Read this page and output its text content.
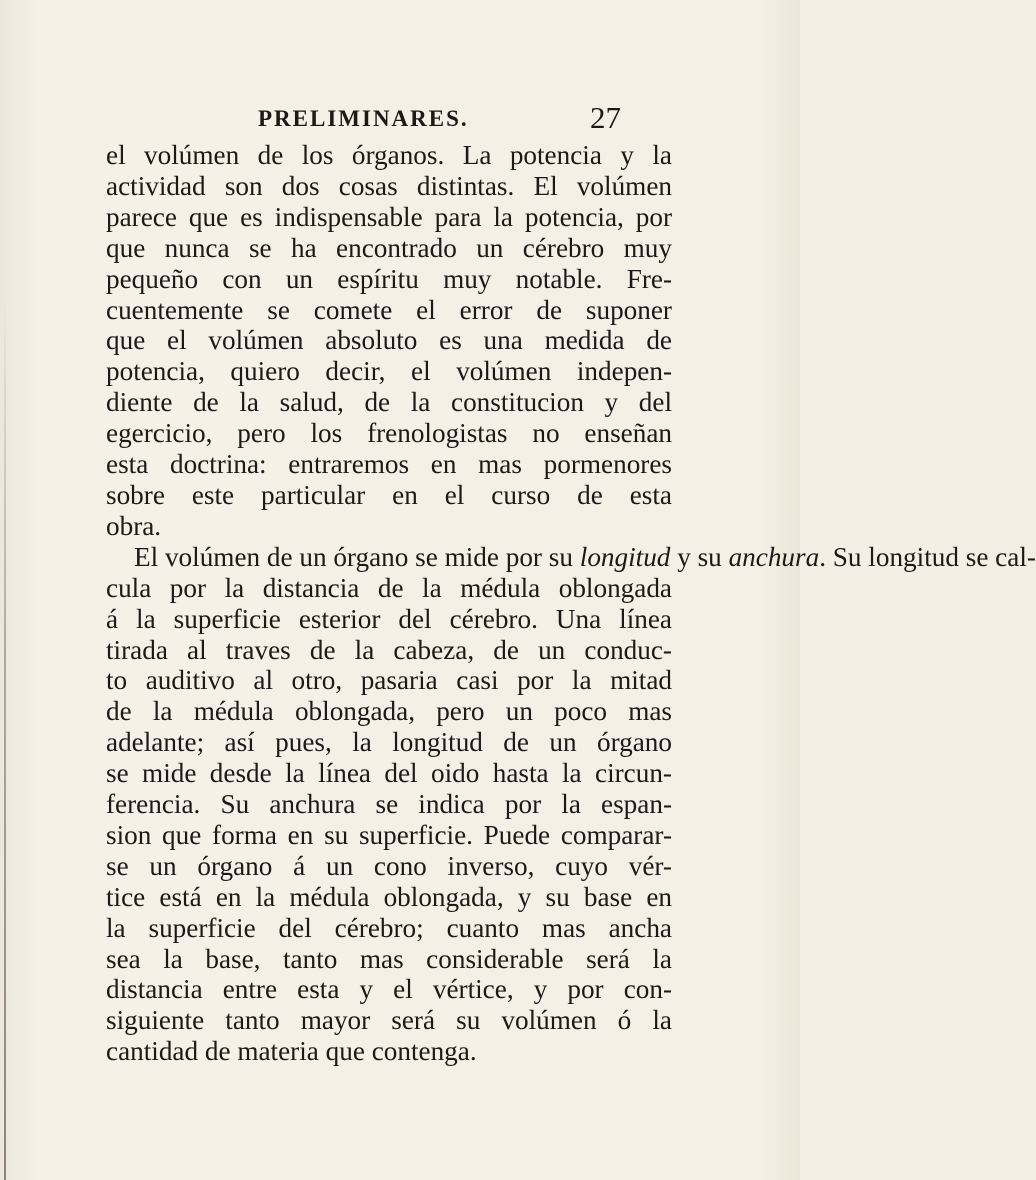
PRELIMINARES.	27
el volúmen de los órganos. La potencia y la
actividad son dos cosas distintas. El volúmen
parece que es indispensable para la potencia, por
que nunca se ha encontrado un cérebro muy
pequeño con un espíritu muy notable. Fre-
cuentemente se comete el error de suponer
que el volúmen absoluto es una medida de
potencia, quiero decir, el volúmen indepen-
diente de la salud, de la constitucion y del
egercicio, pero los frenologistas no enseñan
esta doctrina: entraremos en mas pormenores
sobre este particular en el curso de esta
obra.
El volúmen de un órgano se mide por su longitud y su anchura. Su longitud se cal-
cula por la distancia de la médula oblongada
á la superficie esterior del cérebro. Una línea
tirada al traves de la cabeza, de un conduc-
to auditivo al otro, pasaria casi por la mitad
de la médula oblongada, pero un poco mas
adelante; así pues, la longitud de un órgano
se mide desde la línea del oido hasta la circun-
ferencia. Su anchura se indica por la espan-
sion que forma en su superficie. Puede comparar-
se un órgano á un cono inverso, cuyo vér-
tice está en la médula oblongada, y su base en
la superficie del cérebro; cuanto mas ancha
sea la base, tanto mas considerable será la
distancia entre esta y el vértice, y por con-
siguiente tanto mayor será su volúmen ó la
cantidad de materia que contenga.
